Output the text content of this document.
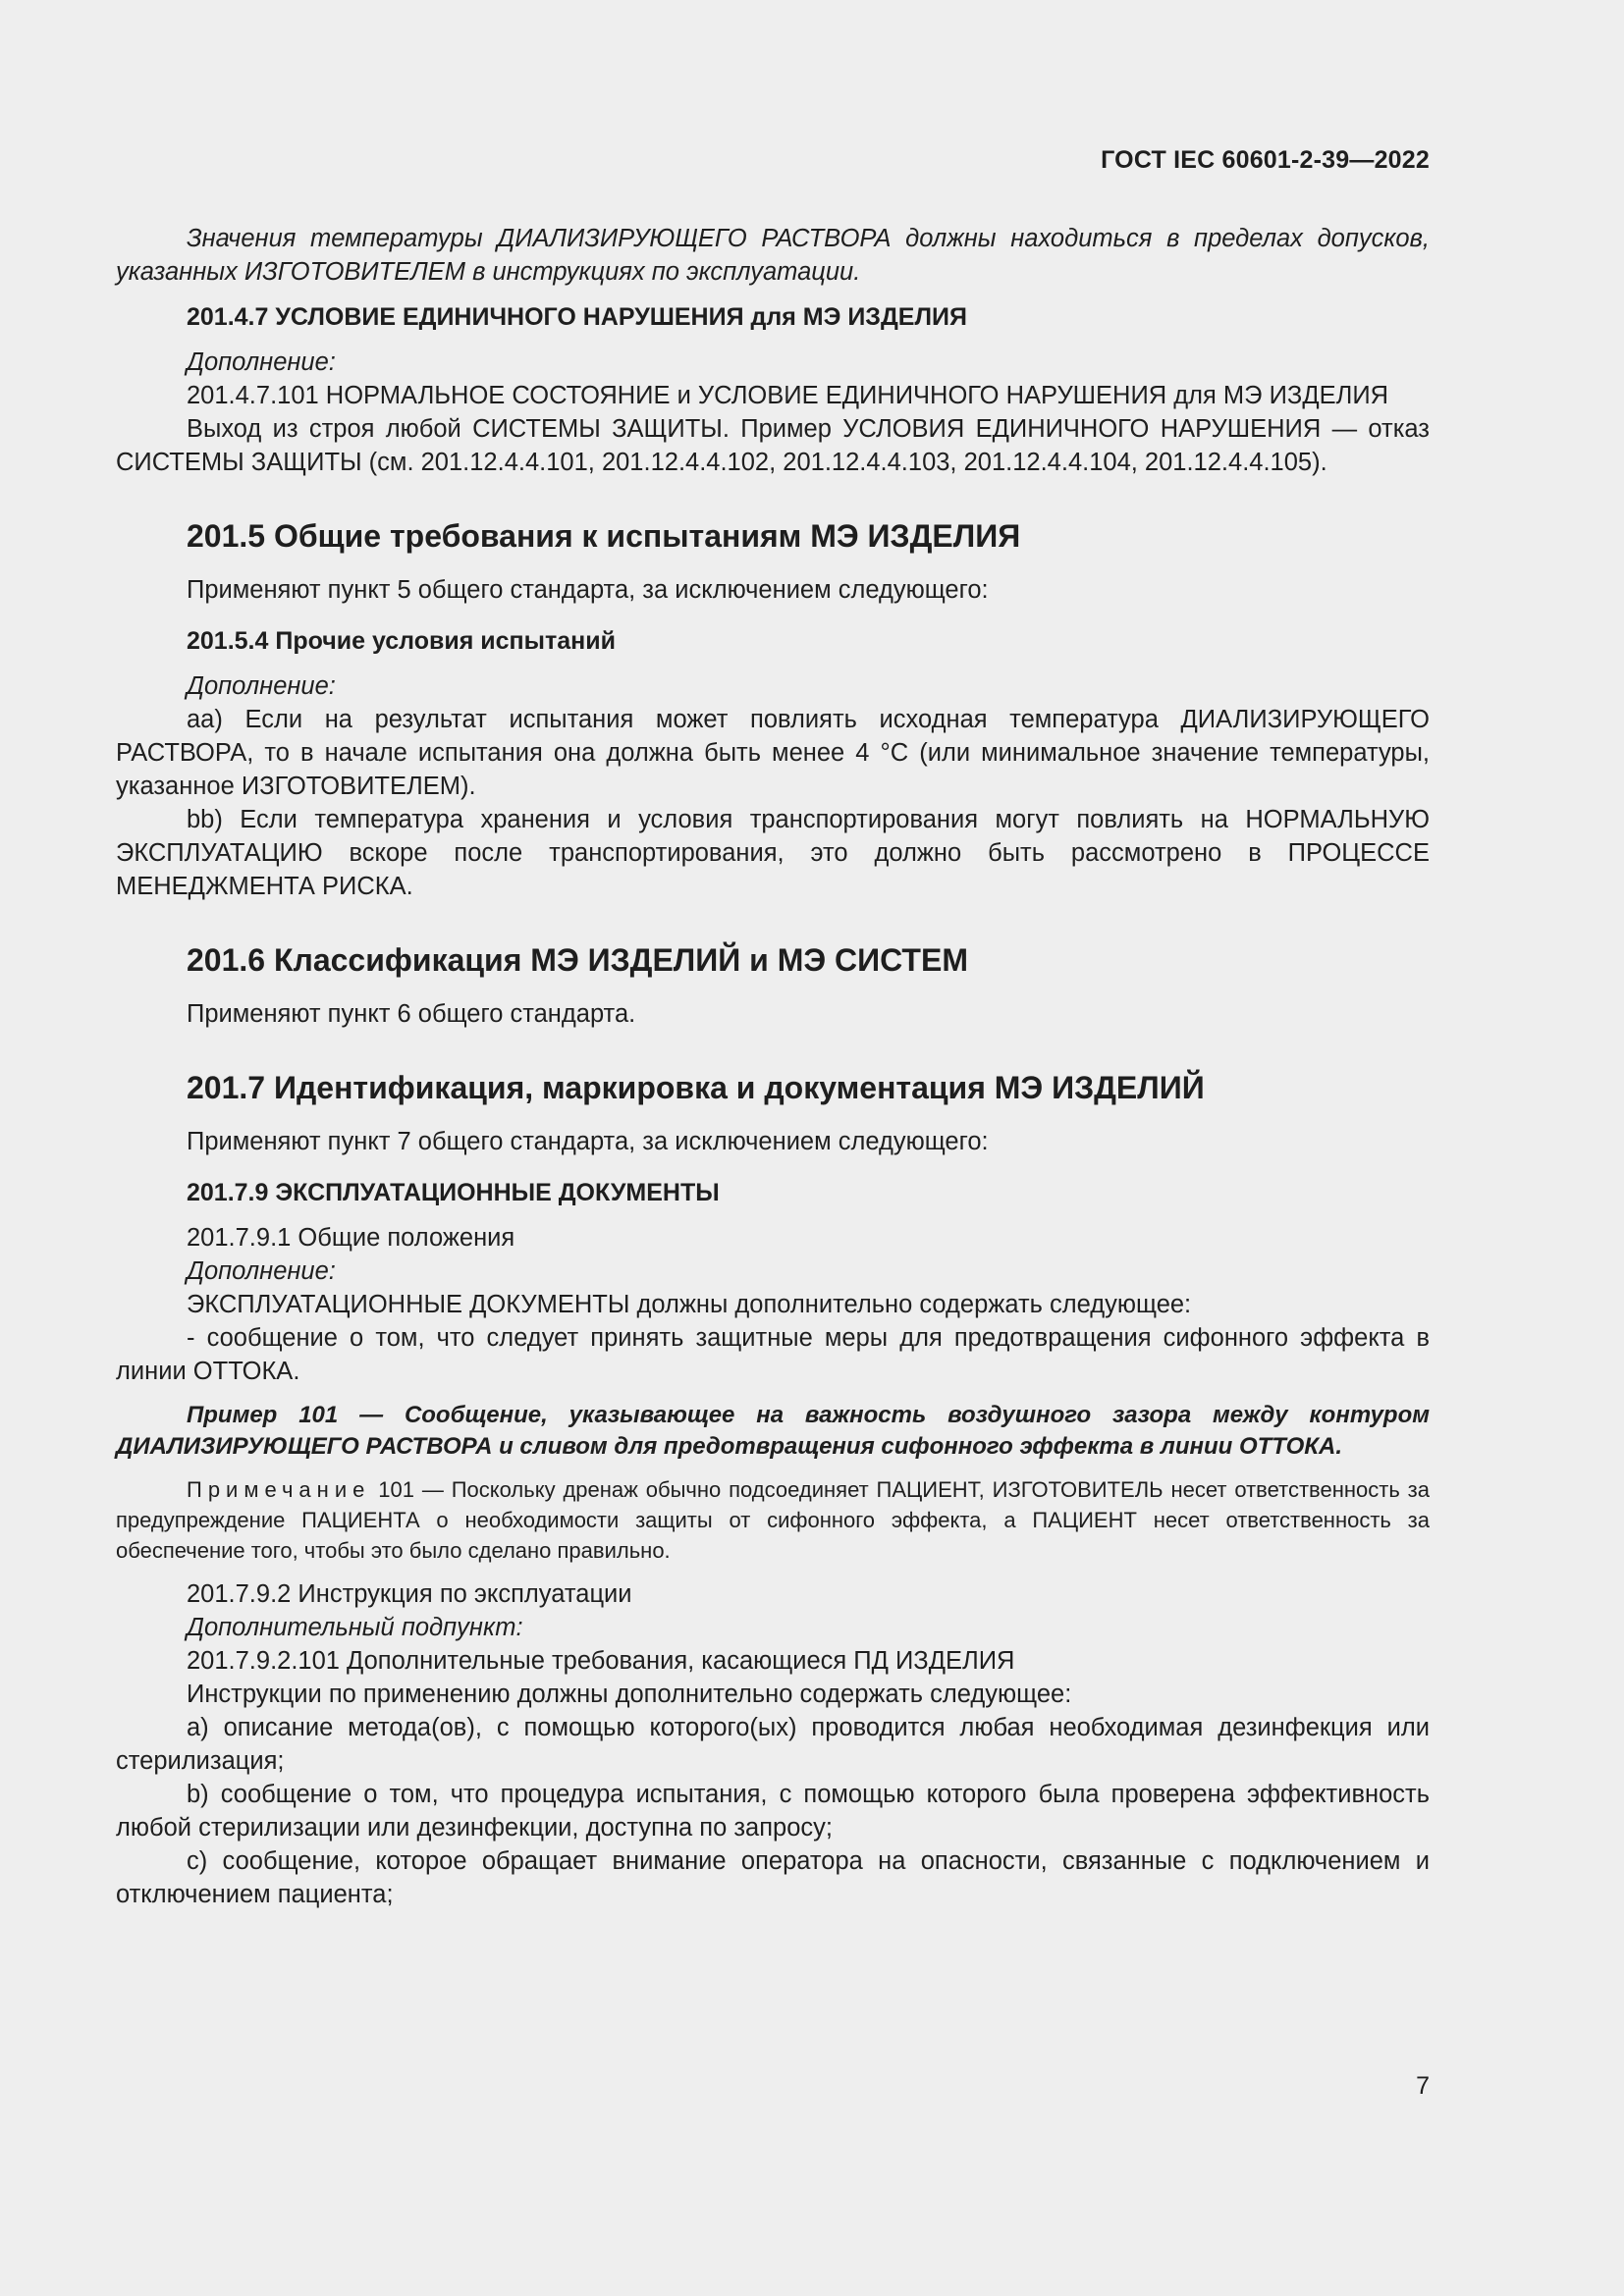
ГОСТ IEC 60601-2-39—2022

Значения температуры ДИАЛИЗИРУЮЩЕГО РАСТВОРА должны находиться в пределах допусков, указанных ИЗГОТОВИТЕЛЕМ в инструкциях по эксплуатации.

201.4.7 УСЛОВИЕ ЕДИНИЧНОГО НАРУШЕНИЯ для МЭ ИЗДЕЛИЯ

Дополнение:

201.4.7.101 НОРМАЛЬНОЕ СОСТОЯНИЕ и УСЛОВИЕ ЕДИНИЧНОГО НАРУШЕНИЯ для МЭ ИЗДЕЛИЯ

Выход из строя любой СИСТЕМЫ ЗАЩИТЫ. Пример УСЛОВИЯ ЕДИНИЧНОГО НАРУШЕНИЯ — отказ СИСТЕМЫ ЗАЩИТЫ (см. 201.12.4.4.101, 201.12.4.4.102, 201.12.4.4.103, 201.12.4.4.104, 201.12.4.4.105).

201.5 Общие требования к испытаниям МЭ ИЗДЕЛИЯ

Применяют пункт 5 общего стандарта, за исключением следующего:

201.5.4 Прочие условия испытаний

Дополнение:

аа) Если на результат испытания может повлиять исходная температура ДИАЛИЗИРУЮЩЕГО РАСТВОРА, то в начале испытания она должна быть менее 4 °С (или минимальное значение температуры, указанное ИЗГОТОВИТЕЛЕМ).

bb) Если температура хранения и условия транспортирования могут повлиять на НОРМАЛЬНУЮ ЭКСПЛУАТАЦИЮ вскоре после транспортирования, это должно быть рассмотрено в ПРОЦЕССЕ МЕНЕДЖМЕНТА РИСКА.

201.6 Классификация МЭ ИЗДЕЛИЙ и МЭ СИСТЕМ

Применяют пункт 6 общего стандарта.

201.7 Идентификация, маркировка и документация МЭ ИЗДЕЛИЙ

Применяют пункт 7 общего стандарта, за исключением следующего:

201.7.9 ЭКСПЛУАТАЦИОННЫЕ ДОКУМЕНТЫ

201.7.9.1 Общие положения

Дополнение:

ЭКСПЛУАТАЦИОННЫЕ ДОКУМЕНТЫ должны дополнительно содержать следующее:

- сообщение о том, что следует принять защитные меры для предотвращения сифонного эффекта в линии ОТТОКА.

Пример 101 — Сообщение, указывающее на важность воздушного зазора между контуром ДИАЛИЗИРУЮЩЕГО РАСТВОРА и сливом для предотвращения сифонного эффекта в линии ОТТОКА.

Примечание 101 — Поскольку дренаж обычно подсоединяет ПАЦИЕНТ, ИЗГОТОВИТЕЛЬ несет ответственность за предупреждение ПАЦИЕНТА о необходимости защиты от сифонного эффекта, а ПАЦИЕНТ несет ответственность за обеспечение того, чтобы это было сделано правильно.

201.7.9.2 Инструкция по эксплуатации

Дополнительный подпункт:

201.7.9.2.101 Дополнительные требования, касающиеся ПД ИЗДЕЛИЯ

Инструкции по применению должны дополнительно содержать следующее:

a) описание метода(ов), с помощью которого(ых) проводится любая необходимая дезинфекция или стерилизация;

b) сообщение о том, что процедура испытания, с помощью которого была проверена эффективность любой стерилизации или дезинфекции, доступна по запросу;

c) сообщение, которое обращает внимание оператора на опасности, связанные с подключением и отключением пациента;

7
